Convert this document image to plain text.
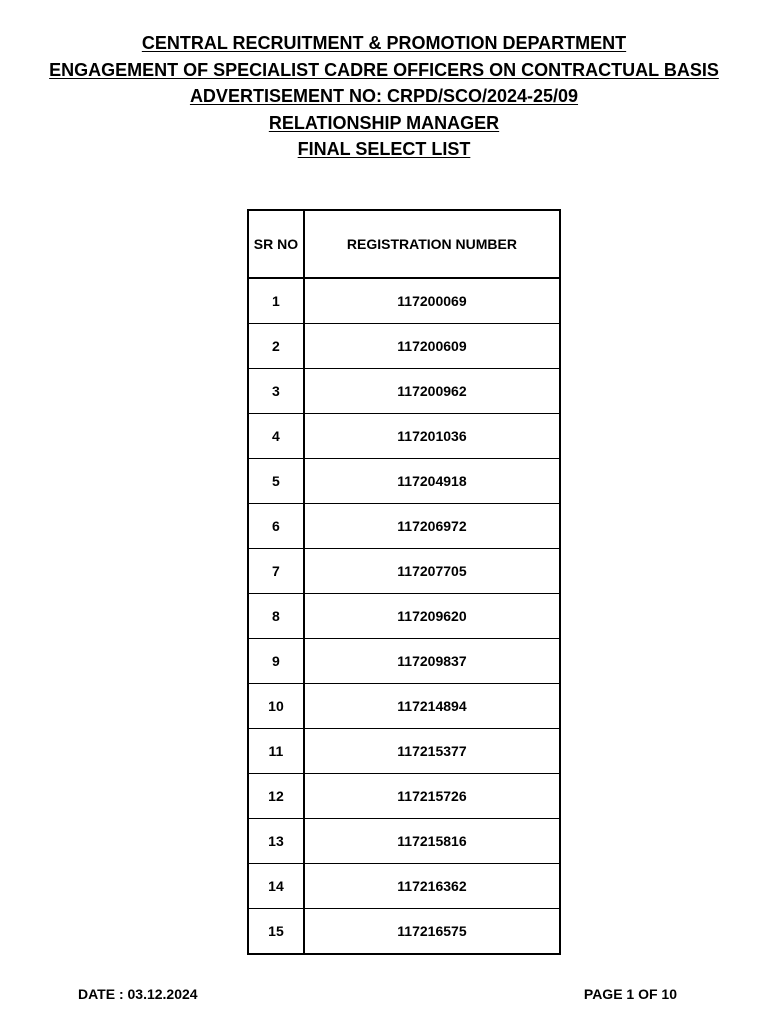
CENTRAL RECRUITMENT & PROMOTION DEPARTMENT
ENGAGEMENT OF SPECIALIST CADRE OFFICERS ON CONTRACTUAL BASIS
ADVERTISEMENT NO: CRPD/SCO/2024-25/09
RELATIONSHIP MANAGER
FINAL SELECT LIST
SR NO	REGISTRATION NUMBER
1	117200069
2	117200609
3	117200962
4	117201036
5	117204918
6	117206972
7	117207705
8	117209620
9	117209837
10	117214894
11	117215377
12	117215726
13	117215816
14	117216362
15	117216575
DATE : 03.12.2024	PAGE 1 OF 10
